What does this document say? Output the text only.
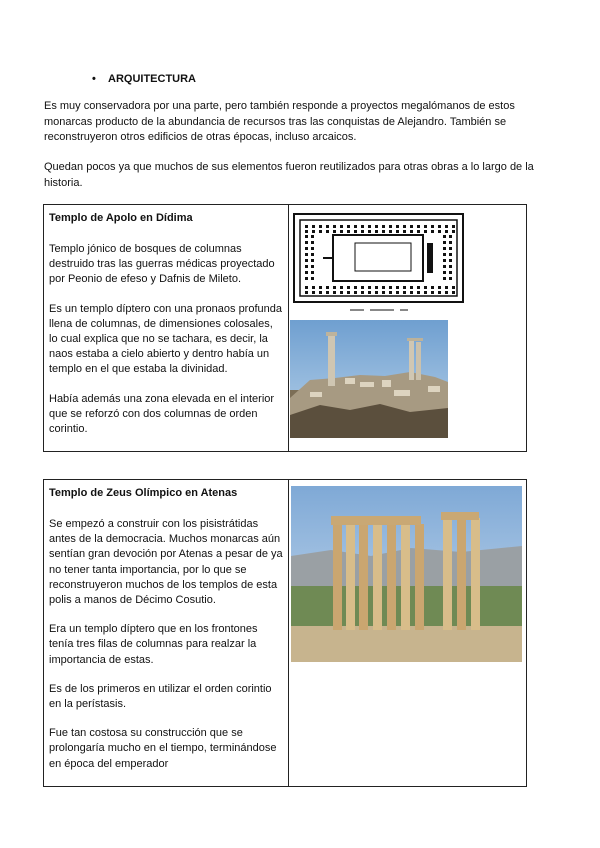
• ARQUITECTURA
Es muy conservadora por una parte, pero también responde a proyectos megalómanos de estos monarcas producto de la abundancia de recursos tras las conquistas de Alejandro. También se reconstruyeron otros edificios de otras épocas, incluso arcaicos.
Quedan pocos ya que muchos de sus elementos fueron reutilizados para otras obras a lo largo de la historia.
Templo de Apolo en Dídima

Templo jónico de bosques de columnas destruido tras las guerras médicas proyectado por Peonio de efeso y Dafnis de Mileto.

Es un templo díptero con una pronaos profunda llena de columnas, de dimensiones colosales, lo cual explica que no se tachara, es decir, la naos estaba a cielo abierto y dentro había un templo en el que estaba la divinidad.

Había además una zona elevada en el interior que se reforzó con dos columnas de orden corintio.

Templo de Zeus Olímpico en Atenas

Se empezó a construir con los pisistrátidas antes de la democracia. Muchos monarcas aún sentían gran devoción por Atenas a pesar de ya no tener tanta importancia, por lo que se reconstruyeron muchos de los templos de esta polis a manos de Décimo Cosutio.

Era un templo díptero que en los frontones tenía tres filas de columnas para realzar la importancia de estas.

Es de los primeros en utilizar el orden corintio en la perístasis.

Fue tan costosa su construcción que se prolongaría mucho en el tiempo, terminándose en época del emperador
